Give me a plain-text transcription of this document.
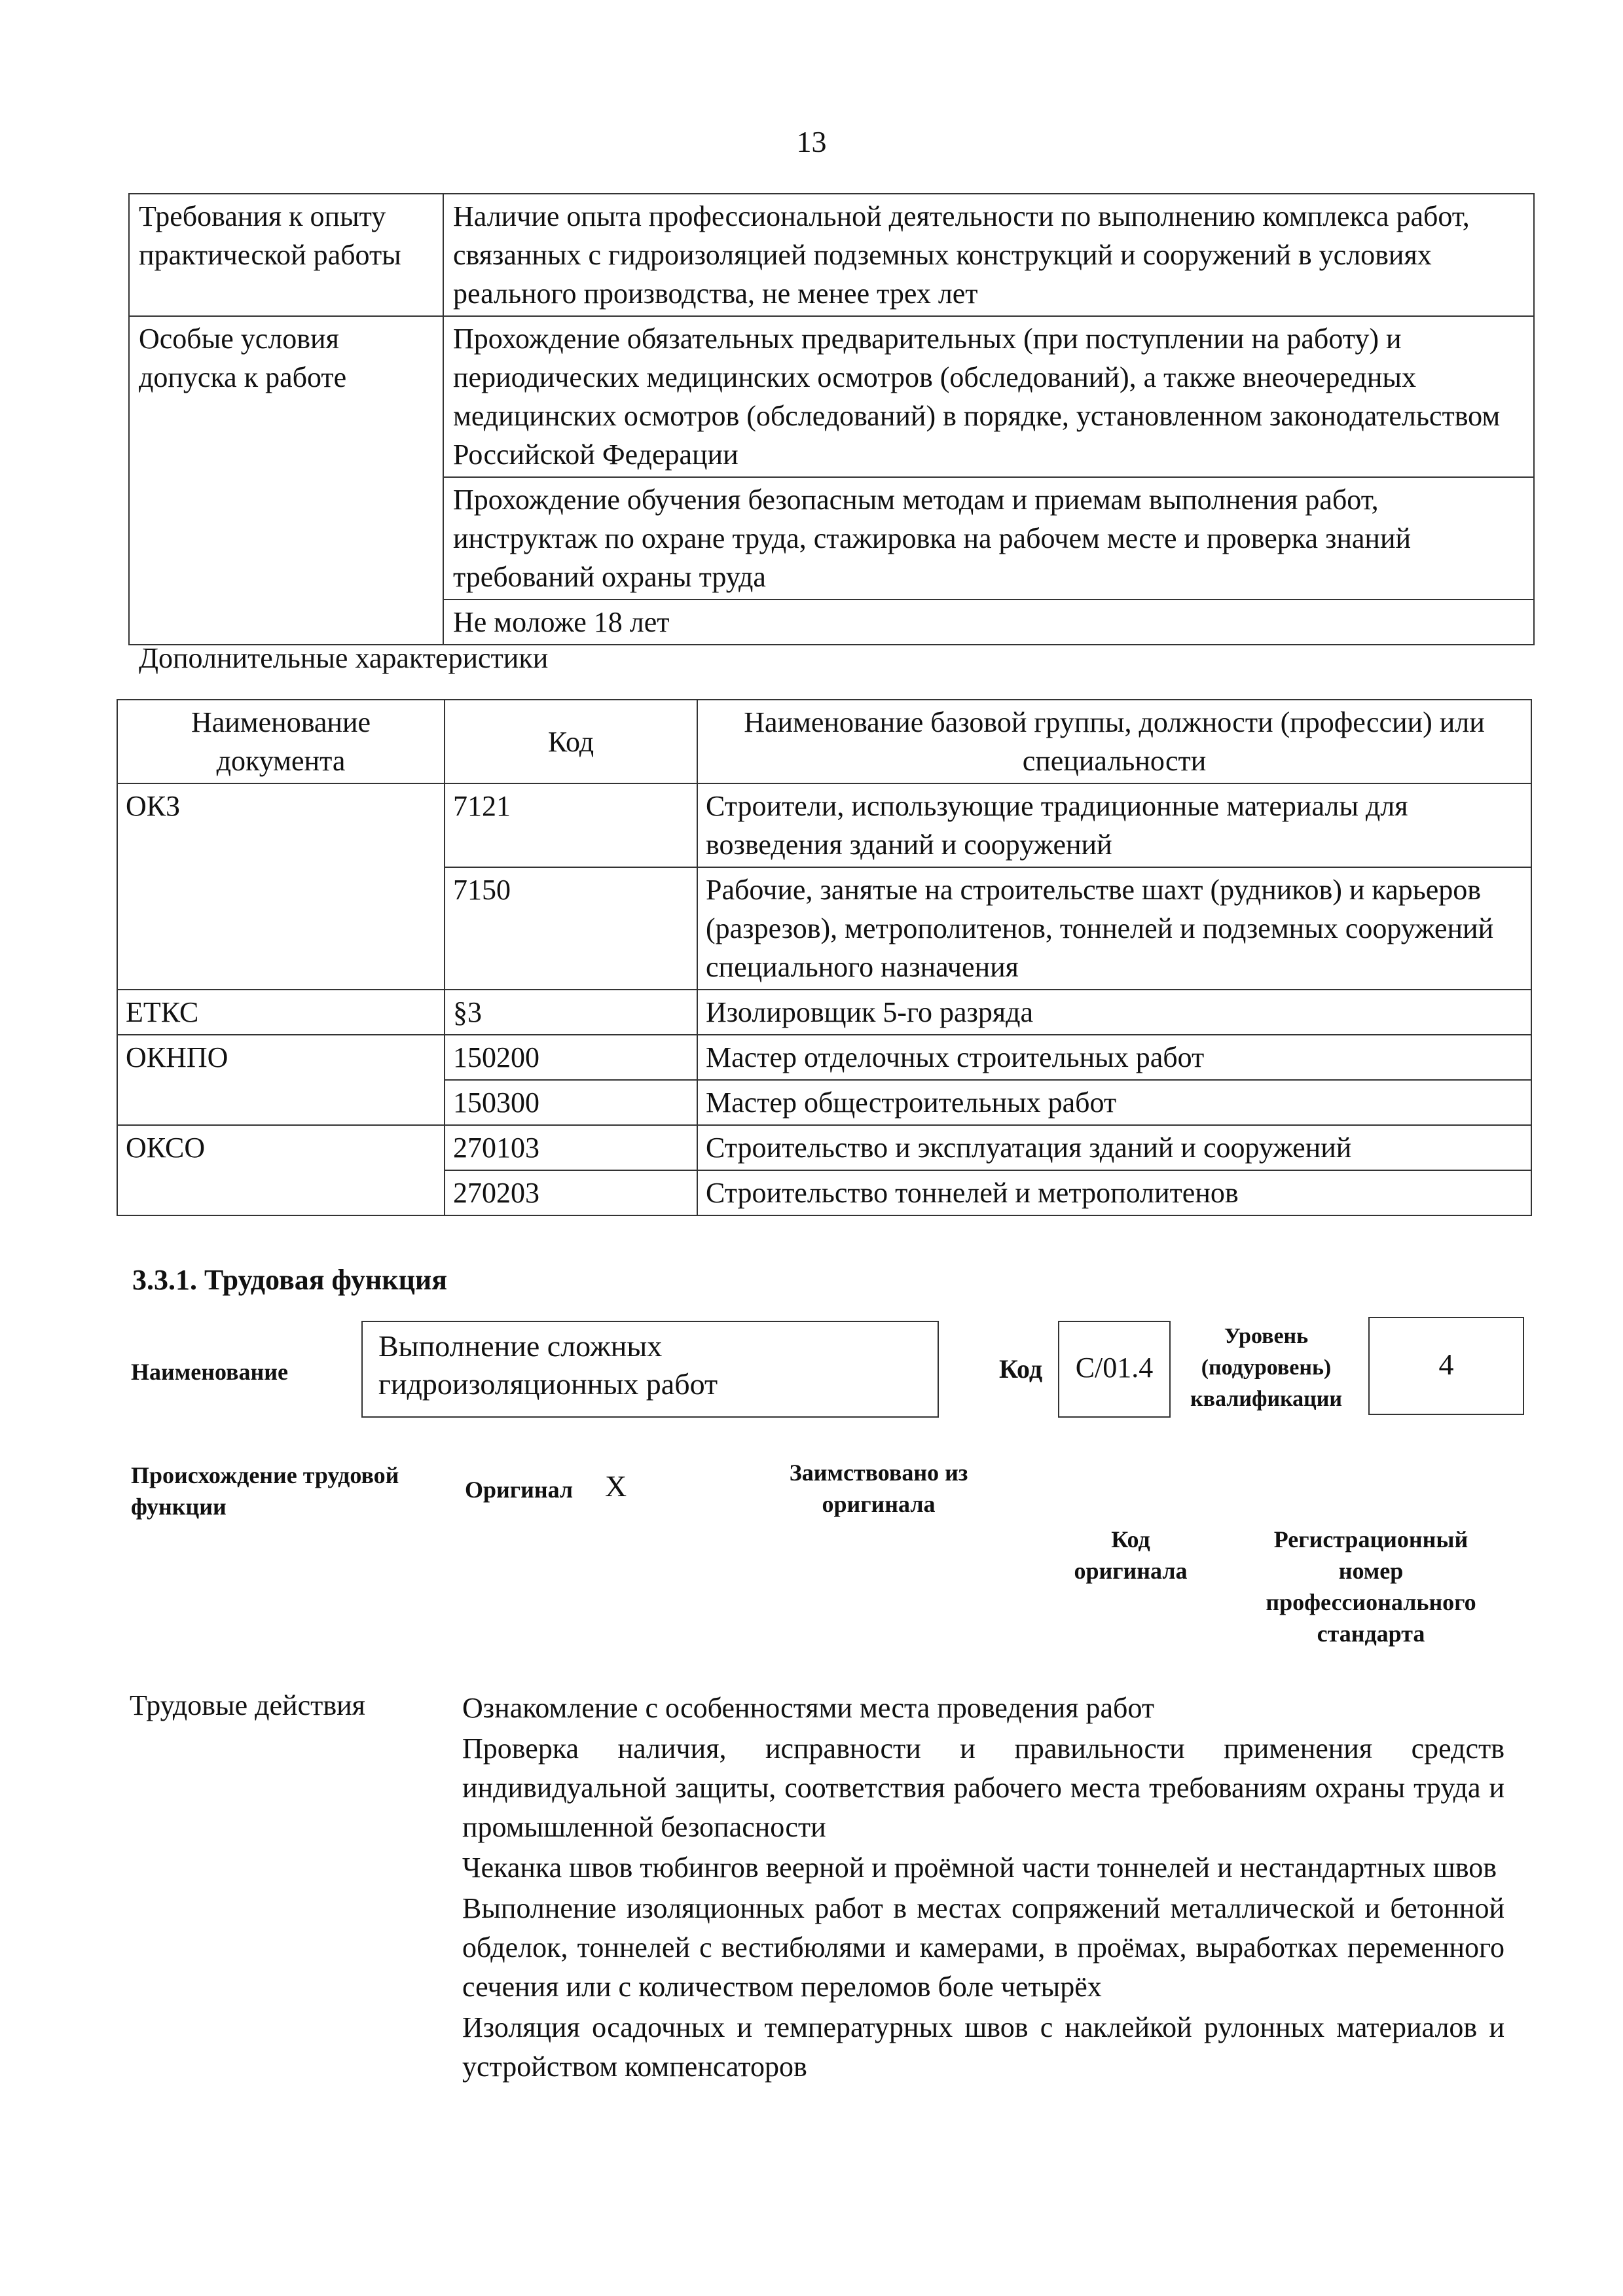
13
Требования к опыту практической работы	Наличие опыта профессиональной деятельности по выполнению комплекса работ, связанных с гидроизоляцией подземных конструкций и сооружений в условиях реального производства, не менее трех лет
Особые условия допуска к работе	Прохождение обязательных предварительных (при поступлении на работу) и периодических медицинских осмотров (обследований), а также внеочередных медицинских осмотров (обследований) в порядке, установленном законодательством Российской Федерации
	Прохождение обучения безопасным методам и приемам выполнения работ, инструктаж по охране труда, стажировка на рабочем месте и проверка знаний требований охраны труда
	Не моложе 18 лет
Дополнительные характеристики
Наименование документа	Код	Наименование базовой группы, должности (профессии) или специальности
ОКЗ	7121	Строители, использующие традиционные материалы для возведения зданий и сооружений
	7150	Рабочие, занятые на строительстве шахт (рудников) и карьеров (разрезов), метрополитенов, тоннелей и подземных сооружений специального назначения
ЕТКС	§3	Изолировщик 5-го разряда
ОКНПО	150200	Мастер отделочных строительных работ
	150300	Мастер общестроительных работ
ОКСО	270103	Строительство и эксплуатация зданий и сооружений
	270203	Строительство тоннелей и метрополитенов
3.3.1. Трудовая функция
Наименование
Выполнение сложных гидроизоляционных работ	Код	С/01.4
Уровень (подуровень) квалификации
4
Происхождение трудовой функции
Оригинал X	Заимствовано из оригинала
Код оригинала
Регистрационный номер профессионального стандарта
Трудовые действия	Ознакомление с особенностями места проведения работ
Проверка наличия, исправности и правильности применения средств индивидуальной защиты, соответствия рабочего места требованиям охраны труда и промышленной безопасности
Чеканка швов тюбингов веерной и проёмной части тоннелей и нестандартных швов
Выполнение изоляционных работ в местах сопряжений металлической и бетонной обделок, тоннелей с вестибюлями и камерами, в проёмах, выработках переменного сечения или с количеством переломов боле четырёх
Изоляция осадочных и температурных швов с наклейкой рулонных материалов и устройством компенсаторов
